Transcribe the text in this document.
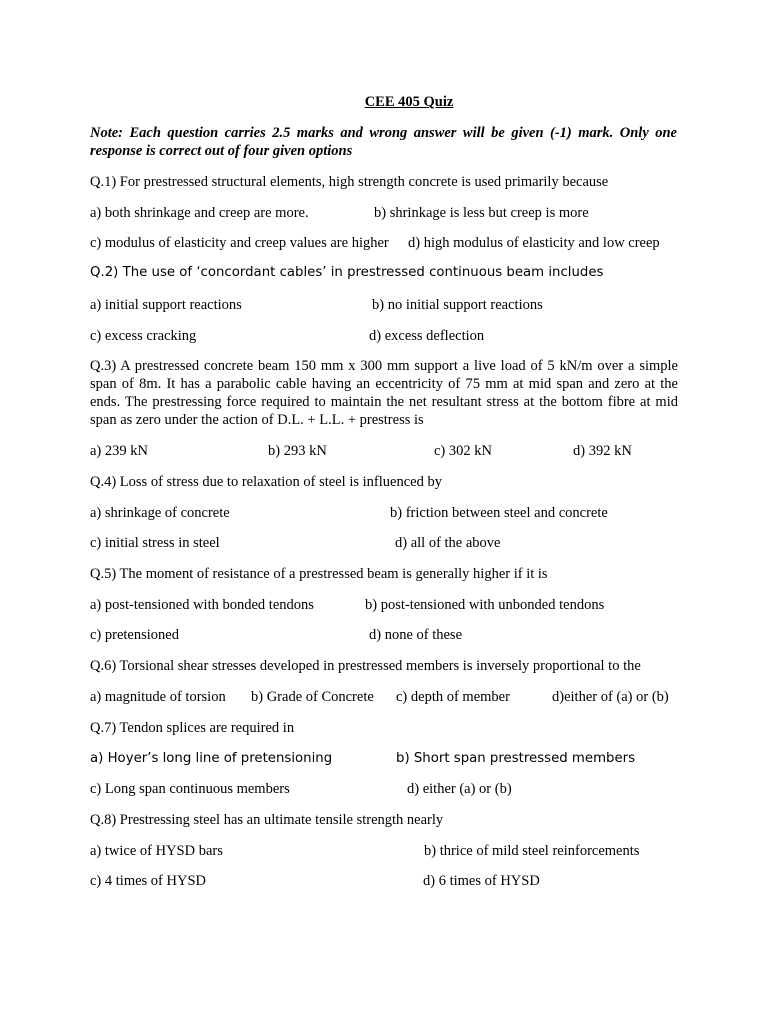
CEE 405 Quiz
Note: Each question carries 2.5 marks and wrong answer will be given (-1) mark. Only one response is correct out of four given options
Q.1) For prestressed structural elements, high strength concrete is used primarily because
a) both shrinkage and creep are more.	b) shrinkage is less but creep is more
c) modulus of elasticity and creep values are higher d) high modulus of elasticity and low creep
Q.2) The use of ‘concordant cables’ in prestressed continuous beam includes
a) initial support reactions	b) no initial support reactions
c) excess cracking	d) excess deflection
Q.3) A prestressed concrete beam 150 mm x 300 mm support a live load of 5 kN/m over a simple span of 8m. It has a parabolic cable having an eccentricity of 75 mm at mid span and zero at the ends. The prestressing force required to maintain the net resultant stress at the bottom fibre at mid span as zero under the action of D.L. + L.L. + prestress is
a) 239 kN	b) 293 kN	c) 302 kN	d) 392 kN
Q.4) Loss of stress due to relaxation of steel is influenced by
a) shrinkage of concrete	b) friction between steel and concrete
c) initial stress in steel	d) all of the above
Q.5) The moment of resistance of a prestressed beam is generally higher if it is
a) post-tensioned with bonded tendons	b) post-tensioned with unbonded tendons
c) pretensioned	d) none of these
Q.6) Torsional shear stresses developed in prestressed members is inversely proportional to the
a) magnitude of torsion b) Grade of Concrete c) depth of member	d)either of (a) or (b)
Q.7) Tendon splices are required in
a) Hoyer’s long line of pretensioning	b) Short span prestressed members
c) Long span continuous members	d) either (a) or (b)
Q.8) Prestressing steel has an ultimate tensile strength nearly
a) twice of HYSD bars	b) thrice of mild steel reinforcements
c) 4 times of HYSD	d) 6 times of HYSD
